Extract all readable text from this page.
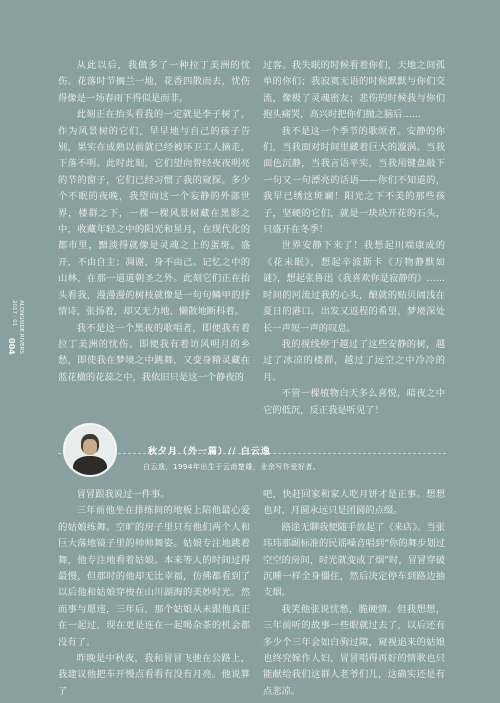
004 ALONGSIDE RIVERS
2017 · 01

从此以后，我做多了一种拉丁美洲的忧伤。花落时节搁兰一地，花香四散而去，忧伤得像是一场春雨下得似是而非。

此刻正在抬头看我的一定就是李子树了。作为风景树的它们，早早地与自己的孩子告别，果实在成熟以前就已经被环卫工人摘走，下落不明。此时此刻，它们望向曾经夜夜明亮的节的窗子，它们已经习惯了我的窥探。多少个不眠的夜晚，我望向这一个妄静的外部世界，楼群之下，一棵一棵风景树藏在黑影之中，收藏年轻之中的阳光和星月，在现代化的都市里，黯淡得就像是灵魂之上的蛋斑。盛开，不由自主；凋谢，身不由己。记忆之中的山林，在那一道道朝圣之外。此刻它们正在抬头看我，漫漫漫的树枝就像是一句句鳞甲的抒情诗，张扬着，却又无力地、懒散地断科着。

我不是这一个黑夜的歌唱者，即便我有着拉丁美洲的忧伤。即便我有着访风明月的乡愁，即使我在梦境之中跳舞，又变身精灵藏在蓝花楹的花蕊之中，我依旧只是这一个静夜的

过客。我失眠的时候看着你们，天地之间孤单的你们；我寂寞无语的时候默默与你们交流，像极了灵魂密友；悲伤的时候我与你们抱头痛哭，高兴时把你们抛之脑后……

我不是这一个季节的歌颂者。安静的你们，当我面对时间里藏着巨大的漩涡。当我面色沉静，当我言语平实，当我用键盘敲下一句又一句漂亮的话语——你们不知道的，我早已绣这斑斓！阳光之下不美的那些孩子，坚硬的它们，就是一块块开花的石头，只盛开在冬季！

世界安静下来了！我想起川端康成的《花未眠》，想起辛波斯卡《万物静默如谜》，想起张鲁迅《我喜欢你是寂静的》……时间的河流过我的心头，酿就的贴贝阔浅在夏日的港口。出发又返程的希望，梦境深处长一声短一声的叹息。

我的视线停于越过了这些安静的树，越过了冰凉的楼群，越过了远空之中冷冷的月。

不管一棵植物白天多么喜悦，暗夜之中它的低沉，反正我是听见了！

秋夕月（外一篇）// 白云逸
白云逸，1994年出生于云南楚雄，业余写作爱好者。

冒冒跟我说过一件事。

三年前他坐在排练间的地板上陪他最心爱的姑娘练舞。空旷的房子里只有他们两个人和巨大落地镜子里的帅帅舞姿。姑娘专注地跳着舞，他专注地看着姑娘。本来等人的时间过得最慢，但那时的他却无比幸福，仿佛都看到了以后他和姑娘穿梭在山川湖海的美妙时光。然而事与愿违，三年后，那个姑娘从未跟他真正在一起过，现在更是连在一起喝杂茶的机会都没有了。

昨晚是中秋夜，我和冒冒飞驰在公路上，我建议他把车开慢点看看有没有月亮。他说算了

吧，快赶回家和家人吃月饼才是正事。想想也对，月圆永远只是团圆的点缀。

路途无聊我便随手放起了《来店》。当张玮玮那副标准的民谣嗓音唱到“你的舞步划过空空的房间，时光就变成了烟”时，冒冒穿破沉睡一样全身僵住，然后决定停车到路边抽支烟。

我笑他张说忧愁，脆硬情。但我想想，三年前听的故事一些眼就过去了，以后还有多少个三年会如白驹过隙，窥视追来的姑娘也终究嫁作人妇，冒冒唱得再好的情歌也只能献给我们这群人老爷们儿，这确实还是有点悲凉。
